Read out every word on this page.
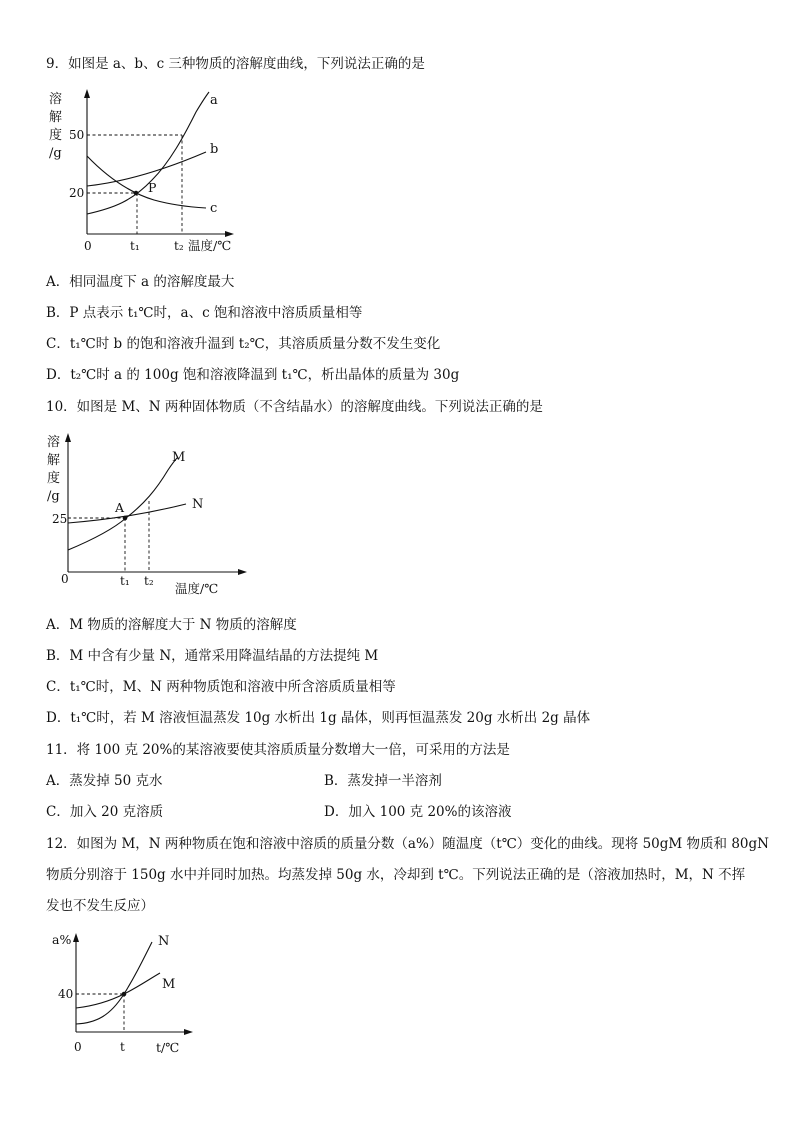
9．如图是 a、b、c 三种物质的溶解度曲线，下列说法正确的是
溶
解
度
/g
50
20
0	t₁	t₂ 温度/℃
a
b
c
P
A．相同温度下 a 的溶解度最大
B．P 点表示 t₁℃时，a、c 饱和溶液中溶质质量相等
C．t₁℃时 b 的饱和溶液升温到 t₂℃，其溶质质量分数不发生变化
D．t₂℃时 a 的 100g 饱和溶液降温到 t₁℃，析出晶体的质量为 30g
10．如图是 M、N 两种固体物质（不含结晶水）的溶解度曲线。下列说法正确的是
溶
解
度
/g
25
0	t₁ t₂ 温度/℃
M
N
A
A．M 物质的溶解度大于 N 物质的溶解度
B．M 中含有少量 N，通常采用降温结晶的方法提纯 M
C．t₁℃时，M、N 两种物质饱和溶液中所含溶质质量相等
D．t₁℃时，若 M 溶液恒温蒸发 10g 水析出 1g 晶体，则再恒温蒸发 20g 水析出 2g 晶体
11．将 100 克 20%的某溶液要使其溶质质量分数增大一倍，可采用的方法是
A．蒸发掉 50 克水	B．蒸发掉一半溶剂
C．加入 20 克溶质	D．加入 100 克 20%的该溶液
12．如图为 M，N 两种物质在饱和溶液中溶质的质量分数（a%）随温度（t℃）变化的曲线。现将 50gM 物质和 80gN
物质分别溶于 150g 水中并同时加热。均蒸发掉 50g 水，冷却到 t℃。下列说法正确的是（溶液加热时，M，N 不挥
发也不发生反应）
a%
40
0	t t/℃
N
M
